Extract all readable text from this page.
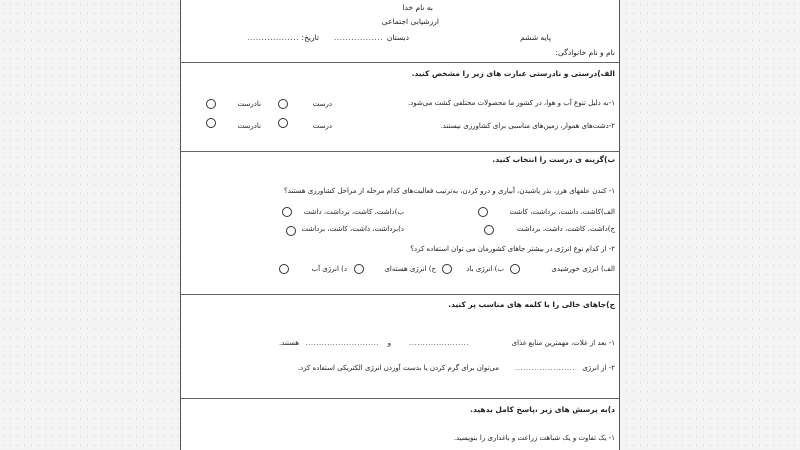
به نام خدا
ارزشیابی اجتماعی
تاریخ:
..................	دبستان
.................	پایه ششم
نام و نام خانوادگی:
الف)درستی و نادرستی عبارت های زیر را مشخص کنید.
۱-به دلیل تنوع آب و هوا، در کشور ما محصولات مختلفی کشت می‌شود.
درست
نادرست
۲-دشت‌های هموار، زمین‌های مناسبی برای کشاورزی نیستند.
درست
نادرست
ب)گزینه ی درست را انتخاب کنید.
۱- کندن علفهای هرز، بذر پاشیدن، آبیاری و درو کردن، به‌ترتیب فعالیت‌های کدام مرحله از مراحل کشاورزی هستند؟
الف)کاشت، داشت، برداشت، کاشت
ب)داشت، کاشت، برداشت، داشت
ج)داشت، کاشت، داشت، برداشت
د)برداشت، داشت، کاشت، برداشت
۲- از کدام نوع انرژی در بیشتر جاهای کشورمان می توان استفاده کرد؟
الف) انرژی خورشیدی
ب) انرژی باد
ج) انرژی هسته‌ای
د) انرژی آب
ج)جاهای خالی را با کلمه های مناسب پر کنید.
۱- بعد از غلات، مهمترین منابع غذای
......................
و
...........................
هستند.
۲- از انرژی
......................
می‌توان برای گرم کردن یا بدست آوردن انرژی الکتریکی استفاده کرد.
د)به پرسش های زیر ،پاسخ کامل بدهید.
۱- یک تفاوت و یک شباهت زراعت و باغداری را بنویسید.
